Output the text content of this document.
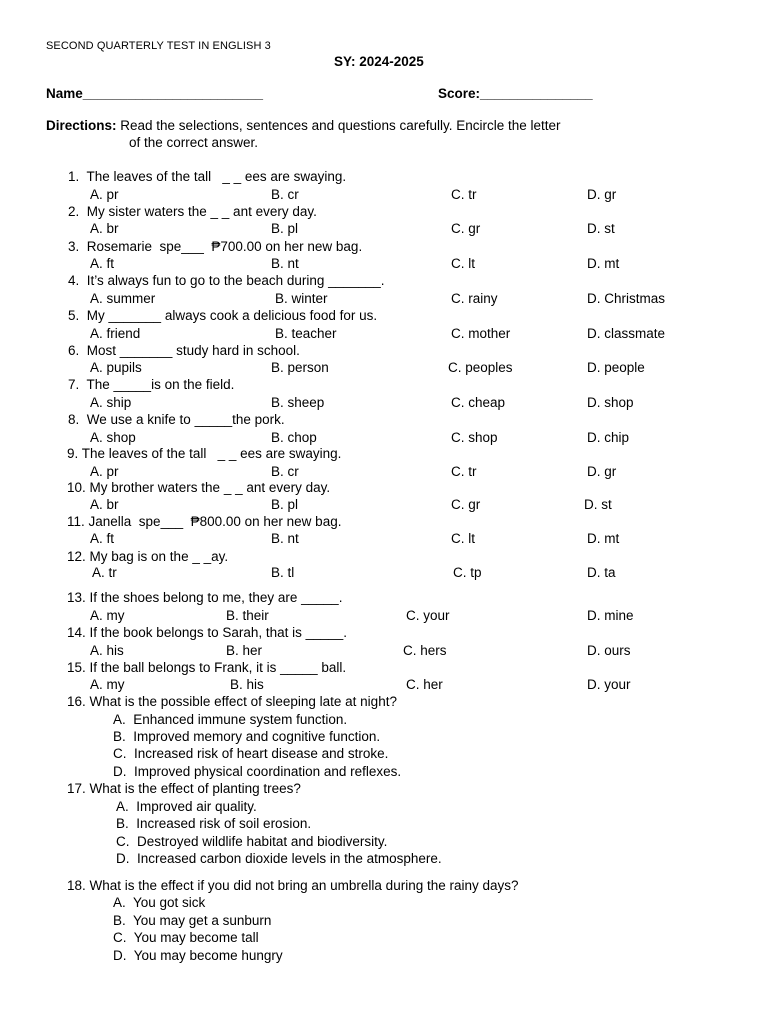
SECOND QUARTERLY TEST IN ENGLISH 3
SY: 2024-2025
Name________________________	Score:_______________
Directions: Read the selections, sentences and questions carefully. Encircle the letter
of the correct answer.
1.  The leaves of the tall   _ _ ees are swaying.
A. pr	B. cr	C. tr	D. gr
2.  My sister waters the _ _ ant every day.
A. br	B. pl	C. gr	D. st
3.  Rosemarie  spe___  ₱700.00 on her new bag.
A. ft	B. nt	C. lt	D. mt
4.  It’s always fun to go to the beach during _______.
A. summer	B. winter	C. rainy	D. Christmas
5.  My _______ always cook a delicious food for us.
A. friend	B. teacher	C. mother	D. classmate
6.  Most _______ study hard in school.
A. pupils	B. person	C. peoples	D. people
7.  The _____is on the field.
A. ship	B. sheep	C. cheap	D. shop
8.  We use a knife to _____the pork.
A. shop	B. chop	C. shop	D. chip
9. The leaves of the tall   _ _ ees are swaying.
A. pr	B. cr	C. tr	D. gr
10. My brother waters the _ _ ant every day.
A. br	B. pl	C. gr	D. st
11. Janella  spe___  ₱800.00 on her new bag.
A. ft	B. nt	C. lt	D. mt
12. My bag is on the _ _ay.
A. tr	B. tl	C. tp	D. ta
13. If the shoes belong to me, they are _____.
A. my	B. their	C. your	D. mine
14. If the book belongs to Sarah, that is _____.
A. his	B. her	C. hers	D. ours
15. If the ball belongs to Frank, it is _____ ball.
A. my	B. his	C. her	D. your
16. What is the possible effect of sleeping late at night?
A.  Enhanced immune system function.
B.  Improved memory and cognitive function.
C.  Increased risk of heart disease and stroke.
D.  Improved physical coordination and reflexes.
17. What is the effect of planting trees?
A.  Improved air quality.
B.  Increased risk of soil erosion.
C.  Destroyed wildlife habitat and biodiversity.
D.  Increased carbon dioxide levels in the atmosphere.
18. What is the effect if you did not bring an umbrella during the rainy days?
A.  You got sick
B.  You may get a sunburn
C.  You may become tall
D.  You may become hungry
